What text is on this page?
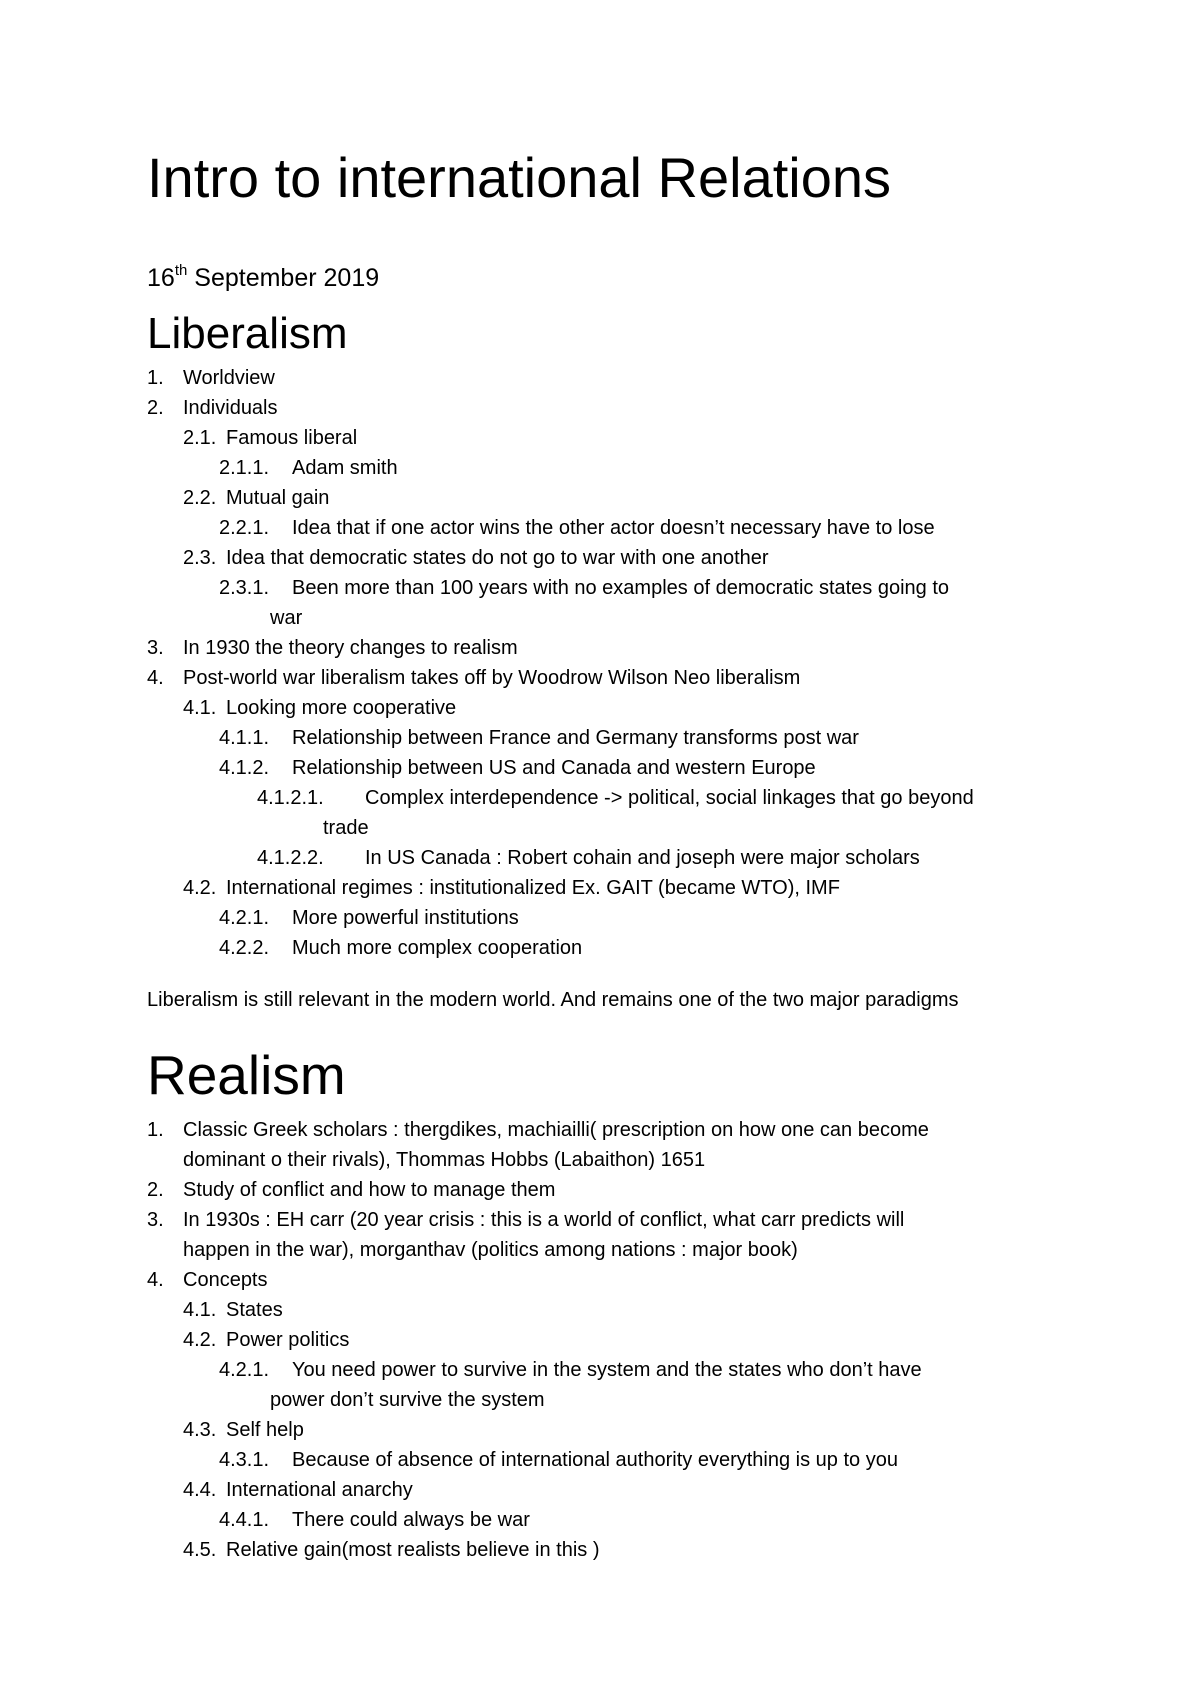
Intro to international Relations
16th September 2019
Liberalism
1. Worldview
2. Individuals
2.1. Famous liberal
2.1.1. Adam smith
2.2. Mutual gain
2.2.1. Idea that if one actor wins the other actor doesn’t necessary have to lose
2.3. Idea that democratic states do not go to war with one another
2.3.1. Been more than 100 years with no examples of democratic states going to
war
3. In 1930 the theory changes to realism
4. Post-world war liberalism takes off by Woodrow Wilson Neo liberalism
4.1. Looking more cooperative
4.1.1. Relationship between France and Germany transforms post war
4.1.2. Relationship between US and Canada and western Europe
4.1.2.1. Complex interdependence -> political, social linkages that go beyond
trade
4.1.2.2. In US Canada : Robert cohain and joseph were major scholars
4.2. International regimes : institutionalized Ex. GAIT (became WTO), IMF
4.2.1. More powerful institutions
4.2.2. Much more complex cooperation
Liberalism is still relevant in the modern world. And remains one of the two major paradigms
Realism
1. Classic Greek scholars : thergdikes, machiailli( prescription on how one can become
dominant o their rivals), Thommas Hobbs (Labaithon) 1651
2. Study of conflict and how to manage them
3. In 1930s : EH carr (20 year crisis : this is a world of conflict, what carr predicts will
happen in the war), morganthav (politics among nations : major book)
4. Concepts
4.1. States
4.2. Power politics
4.2.1. You need power to survive in the system and the states who don’t have
power don’t survive the system
4.3. Self help
4.3.1. Because of absence of international authority everything is up to you
4.4. International anarchy
4.4.1. There could always be war
4.5. Relative gain(most realists believe in this )
